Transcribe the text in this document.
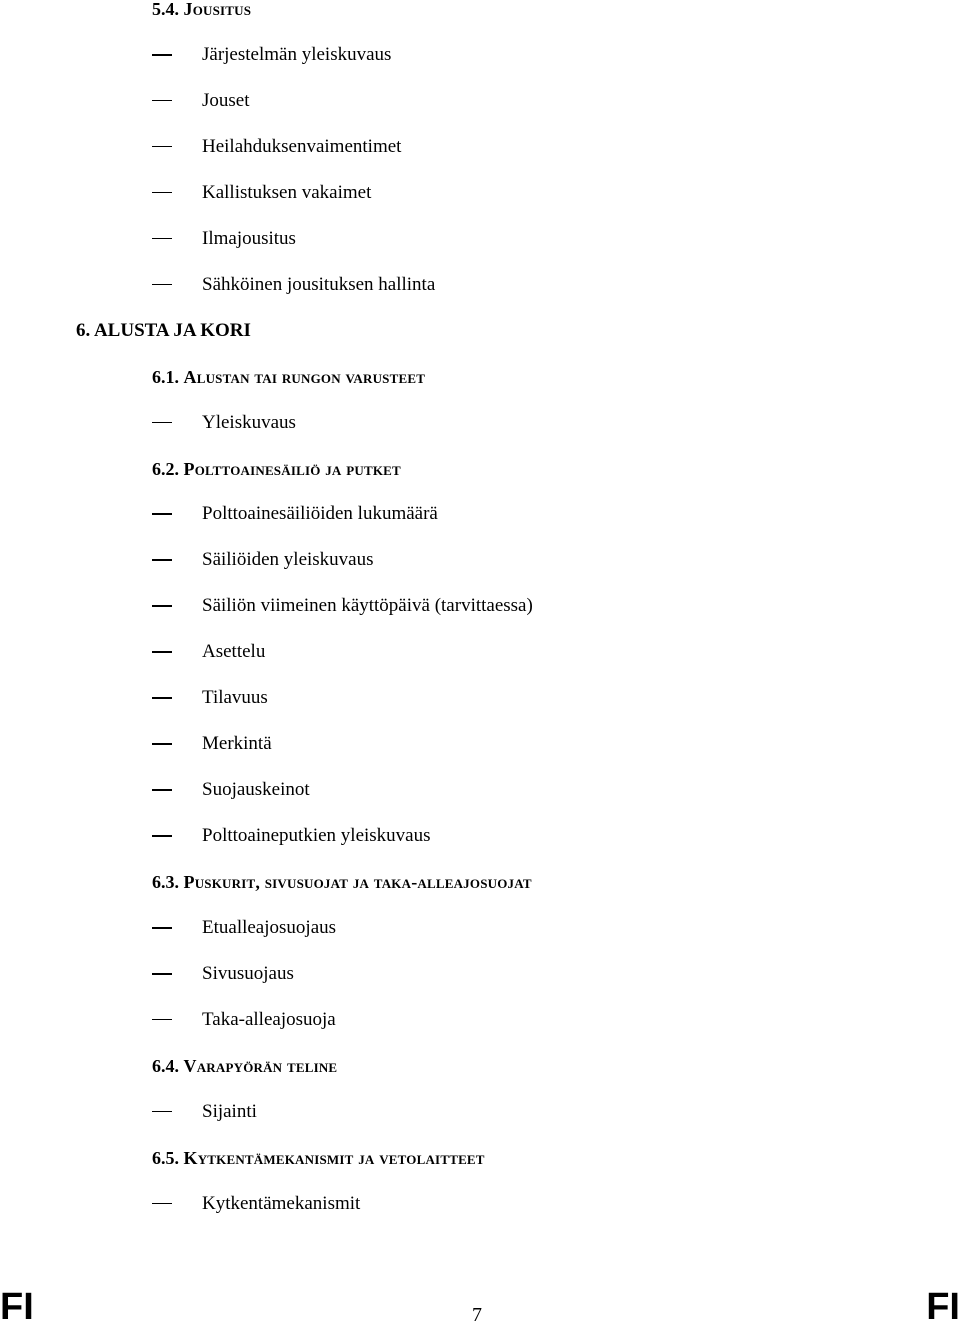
5.4. Jousitus
Järjestelmän yleiskuvaus
Jouset
Heilahduksenvaimentimet
Kallistuksen vakaimet
Ilmajousitus
Sähköinen jousituksen hallinta
6. ALUSTA JA KORI
6.1. Alustan tai rungon varusteet
Yleiskuvaus
6.2. Polttoainesäiliö ja putket
Polttoainesäiliöiden lukumäärä
Säiliöiden yleiskuvaus
Säiliön viimeinen käyttöpäivä (tarvittaessa)
Asettelu
Tilavuus
Merkintä
Suojauskeinot
Polttoaineputkien yleiskuvaus
6.3. Puskurit, sivusuojat ja taka-alleajosuojat
Etualleajosuojaus
Sivusuojaus
Taka-alleajosuoja
6.4. Varapyörän teline
Sijainti
6.5. Kytkentämekanismit ja vetolaitteet
Kytkentämekanismit
FI	7	FI
